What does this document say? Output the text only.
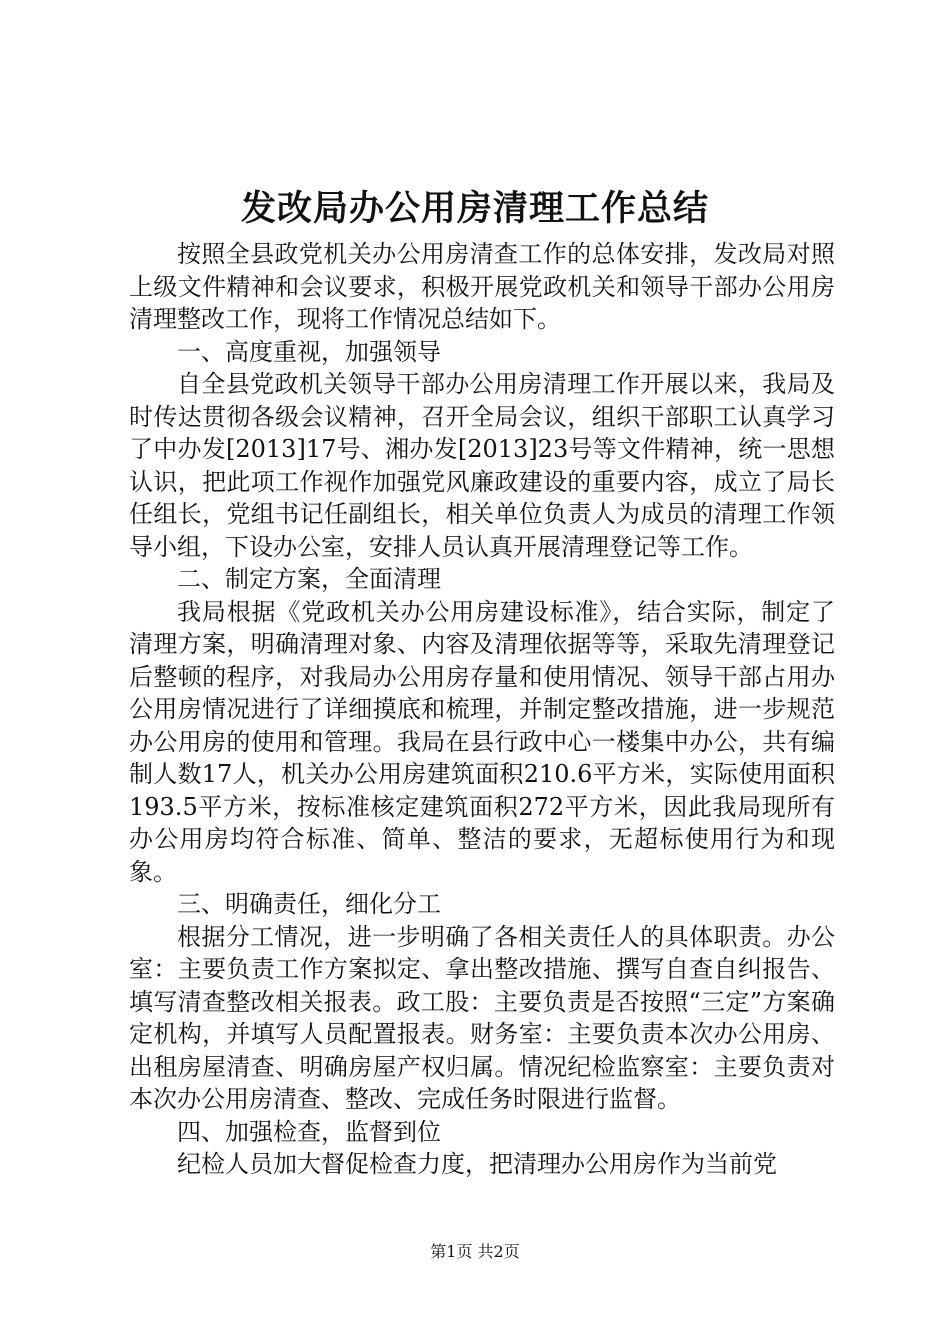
发改局办公用房清理工作总结

按照全县政党机关办公用房清查工作的总体安排，发改局对照上级文件精神和会议要求，积极开展党政机关和领导干部办公用房清理整改工作，现将工作情况总结如下。

一、高度重视，加强领导

自全县党政机关领导干部办公用房清理工作开展以来，我局及时传达贯彻各级会议精神，召开全局会议，组织干部职工认真学习了中办发[2013]17号、湘办发[2013]23号等文件精神，统一思想认识，把此项工作视作加强党风廉政建设的重要内容，成立了局长任组长，党组书记任副组长，相关单位负责人为成员的清理工作领导小组，下设办公室，安排人员认真开展清理登记等工作。

二、制定方案，全面清理

我局根据《党政机关办公用房建设标准》，结合实际，制定了清理方案，明确清理对象、内容及清理依据等等，采取先清理登记后整顿的程序，对我局办公用房存量和使用情况、领导干部占用办公用房情况进行了详细摸底和梳理，并制定整改措施，进一步规范办公用房的使用和管理。我局在县行政中心一楼集中办公，共有编制人数17人，机关办公用房建筑面积210.6平方米，实际使用面积193.5平方米，按标准核定建筑面积272平方米，因此我局现所有办公用房均符合标准、简单、整洁的要求，无超标使用行为和现象。

三、明确责任，细化分工

根据分工情况，进一步明确了各相关责任人的具体职责。办公室：主要负责工作方案拟定、拿出整改措施、撰写自查自纠报告、填写清查整改相关报表。政工股：主要负责是否按照“三定”方案确定机构，并填写人员配置报表。财务室：主要负责本次办公用房、出租房屋清查、明确房屋产权归属。情况纪检监察室：主要负责对本次办公用房清查、整改、完成任务时限进行监督。

四、加强检查，监督到位

纪检人员加大督促检查力度，把清理办公用房作为当前党

第1页 共2页
